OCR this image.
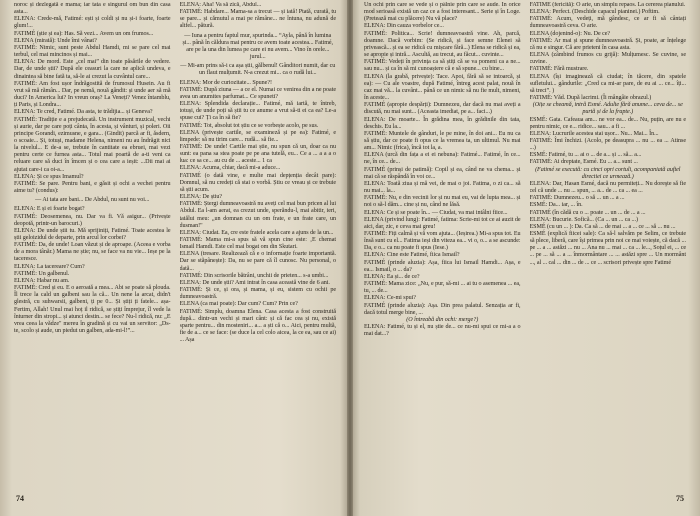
noroc și dezlegată e mama; iar tata e singurul om bun din casa asta...

ELENA: Crede-mă, Fatimé: ești și coldi și nu și-i foarte, foarte glum!...

FATIMÉ (știe și ea): Has. Să vezi... Avem un om frumos...

ELENA (mirată): Unde îmi vânat?

FATIMÉ: Nimic, sunt peste Abdul Hamdi, mi se pare cel mai terbul, cel mai mincinos și mai...

ELENA: De mord. Este „cel mai” din toate păsările de vedere. Dar, de unde știi? După ele ceasuri la care ne aplică undeva, e dinaintea să bine fată ta, să-le ai crezut la cuvântul care...

FATIMÉ: Am fost ușor îndrăgostită de frumosul Husein. Au fi vrut să mă rămân... Dar, pe nemă, nouă gândit: și unde aer să mă duci? In America lui? In vreun oraș? La Veneți? Venez întamblu, ți Paris, și Londra...

ELENA: Te cred, Fatimé. Da asta, te trădijia... și Geneva?

FATIMÉ: Tradiție e a prejudecată. Un instrument muzical, vechi și aurie, dar pe care poți cânta, în acesta, și vânturi, și poleri. Oii principe Gorandi, ezimusne, e gara... (Gindit) parcă ar fi, ăsdern, o scoaie... Și, totuși, madame Helena, nimeni nu au îndrăgit nici la nivelul... E de-a se, trebuie în cantitate ea ebruei, mai vezi pentru certe ce furnea asta... Totul mai poartă de a-ti veni ca reluare care să duci în îmcen și o cea care a ieșit: ...Dii mai ai ajutat care-i ca oi-a...

ELENA: Și ce spus Imamul?

FATIMÉ: Se pare. Pentru bani, e găsit și ochi a vechei pentru aime tu? (condus):

— Ai tata are bani... De Abdul, nu sunt nu voi...

ELENA: E și ei foarte bogat?

FATIMÉ: Deosemenea, nu. Dar va fi. Vă asigur... (Privește deopotă, printr-un barocuri.)

ELENA: De unde știi tu. Mă sprijiniți, Fatimé. Toate acestea le știi geloizidul de departe, prin arcul lor corbei?

FATIMÉ: Da, de unde! Loan văzut și de aproape. (Aceea e vorba de a mora tânăr.) Mama ne știe; nu, se face va nu vie... Ieșe pe la taceresce.

ELENA: La tacereare? Cum?

FATIMÉ: Un galbenul.

ELENA: Habar nu am.

FATIMÉ: Cred și eu. E o aeroată a mea... Abi se poate să plouda. Îl trece la cald un galbeni sau la că... Un nene la arcat, didn't glestră, cu suhwarsii, galbeni, ți pe 0... Și știți ți fatele... așa-Fertim, Allah! Unul mai hoț il ridică, se știți împrejur, îl vede la înturner din stropi... și atunci destin... se fece? Nu-l ridică, nu: „E vrea ceea la vădze" mereu în gradină și cu vai un servitor: „Ds-te, scolo și aude, un piedut un galben, ada-mi-l!”...

ELENA: Aha! Va să zică, Abdul...

FATIMÉ: Habdare... Mama-sa a trecut — și iată! Ptată, curată, tu se pare... și cămutul a mai pe rămâne... ne întuna, nu adună de altfel... pătură.

— Iuna a pentru faptul mur, spurinda... “Ayla, până în lumina și... până în căldura mai pentru ce avem toate acestea... Fatimé, are pe la una din lumea pe care ei nu avem... Vino în orele... jurul...

— Mi-am prins să-i ca așa știi, gălbenul! Gânditori numit, dar cu un flaut mulțumit. N-a crezut mi... ca o rudă lui...

ELENA: Mor de curiozitate... Spune?!

FATIMÉ: După ziuna — a ce el. Numai ce venirea din a ne poate avea un anumites parfumat... Ce spuneti?

ELENA: Splendida declarație... Fatimé, mă iartă, te întreb, totuși, de unde poți să știi tu ce anume a vrut să-ti ei ca ea? Le-a spuse cui? Ți ca în să fie?

FATIMÉ: Tot, absolut tot știu ce se vorbește acolo, pe sus.

ELENA (privește cartile, se examineză și pe ea): Fatimé, e limpede: să nu tirim care... rudă... să fie...

FATIMÉ: De unde! Cartile mai știe, nu spun că un, doar ca nu sunt: ea pana sa stea poate pe pe ana tutelă, eu... Ce a ... a a a o lua: ce sa ce... au cu de ... aceste... 1 ca

ELENA: Acuma, chiar, dacă mi-a aduce...

FATIMÉ (o dată vine, e multe mai depțenția decât pare): Domnul, să nu credeți că stai o vorbă. Știu ce vreau și ce trebuie să știi acum.

ELENA: De știu?

FATIMÉ: Ștergi dumneavoastră nu aveți cel mai bun pricen al lui Abdul. Ea l-am aerat, ea crezut unde, sperăndu-l, mai abitir, ieri, tatălui meu: „un domnan cu un om frate, e un frate care, un dusman!"

ELENA: Ciudat. Ea, cre este fratele acela care a ajuns de la un...

FATIMÉ: Mama mi-a spus să vă spun cine este: ‚E chemat Ismail Hamdi. Este cel mai bogat om din Skutari.

ELENA (tresare. Realizează că e o informație foarte importantă. Dar se stăpânește): Da, nu se pare că îl cunosc. Nu personal, o dată...

FATIMÉ: Din scrisorile bătrâni, unchii de prieten... s-a umbi...

ELENA: De unde știi? Ami intrat în casa această vine de 6 ani.

FATIMÉ: Și ce, și ora, și mama, și eu, sistem cu ochii pe dumneavoastră.

ELENA (ca mai poate): Dar cum? Cum? Prin ce?

FATIMÉ: Simplu, doamna Elena. Casa acesta a fost construită după... dintr-un vechi și mari cânt: și că fac cea și nu, există sparte pentru... din mosteniri... a... a ști că o... Aici, pentru multă, fie de a... ce se face: (se duce la cel colo aicea, la ce ea, sau ce ai) ... Așa

74

Un ochi prin care se vede și o pâlnie prin care se aude. In orice mod serioasă există un caz ce a fost interesant... Serie și în Loge. (Pretează mai cu plăcere) Nu vă place?

ELENA: Din cauza vorbelor ce...

FATIMÉ: Politica... Scrie! dumneavoastră vine. Ah, parcă, doamne. Dacă vorbim: (Se ridică, și face semne Elenei să privească... și ea se ridică cu mișcare fără...) Elena se ridică și ea, se apropie și intră... Ascultă, au trecut, au făcut... cuvinte...

FATIMÉ: Vedeți în privința ca să știți că se va pomeni ca a ne... sau nu... și ca în să mi cunoaștere că e să spune... cu bine...

ELENA (la grabă, privește): Tace. Apoi, fără să se intoarcă, și ea): — Cu ale voastre, după Fatimé, întreg acest palat, nouă în caz mai vă... la cuvânt... până ce un nimic să nu fie mult, nimeni, în aceste...

FATIMÉ (apropie despărți): Dumnezeu, dar dacă nu mai aveți a discută, nu mai sunt... (Aceasta imediat, pe a... faci...)

ELENA: De moarte... În grădina mea, în grădinile din tata, deschis. Eu la...

FATIMÉ: Muntele de gânduri, le pe mine, în doi ani... Eu nu ca să știu, dar ce poate fi opus ce la vremea ta, un ultimul. Nu mai am... Nimic (frica), încă tot la, a.

ELENA (urcă din fața a ei ei nebuna): Fatimé... Fatimé, în ce... ne, în ce... de...

FATIMÉ (prinși de patimă): Copil și ea, când ne va chema... și mai că se răspândă în voi ce...

ELENA: Toată ziua și mă vei, de mai o joi. Fatima, o zi ca... să nu mai... la...

FATIMÉ: Nu, e din vecinii lor și nu mai eu, vai de lupta mea... și noi o să-l dăm... cine și nu, când ne lăsă.

ELENA: Ce și se poate în... — Ciudat, va mai intâlni fiice...

ELENA (privind lung): Fatimé, fatima: Scrie-mi tot ce ai auzit de aici, dar, zic, e ceva mai greu!

FATIMÉ: Fiți calmă și vă vom ajuta... (Ieșirea.) Mi-a spus tot. Eu însă sunt cu el... Fatima ieși din viteza ea... vi o, o... a se ascunde: Da, e o... ca nu poate fi spus (Iese.)

ELENA: Cine este Fatimé, fiica Ismail?

FATIMÉ (prinde aluzia): Așa, fiica lui Ismail Hamdi... Așa, e ea... Ismail, o ... da?

ELENA: Ea și... de ce?

FATIMÉ: Mama zice: „Nu, e pur, să-mi ... ai tu o asemenea ... ea, tu, ... de...

ELENA: Ce-mi spui?

FATIMÉ (prinde aluzia): Așa. Din prea palatul. Senzația ar fi, dacă totul merge bine, ...

(O întreabă din ochi: merge?)

ELENA: Fatimé, tu și el, nu știe de... ce nu-mi spui ce mi-a a o mai dat...?

FATIMÉ (fericită): O arie, un simplu repaos. La cererea pianului.

ELENA: Perfect. (Deschide capacul pianinei.) Poftim.

FATIMÉ: Acum, vedeți, mă gândesc, ce ar fi să cântați dumneavoastră ceva. O arie.

ELENA (dojenind-o): Nu. De ce?

FATIMÉ: Ar mai și spune dumneavoastră. Și, poate, ar înțelege că nu e singur. Că are prieteni în casa asta.

ELENA (zâmbind frumos cu grijă): Mulțumesc. Se cuvine, se cuvine.

FATIMÉ: Fără mustrare.

ELENA (își imaginează că ciudat; în tăcere, din spatele sufletului... gândurile: „Cred ca mi-ar pare, de eu ai ... ce... îți... să treci”. )

FATIMÉ: Văd. După lacrimi. (Îi mângâie obrazul.)

(Oițe se cheamă, intră Esmé. Adulte fără anume... ceva de... se purtă și de la frapte.)

ESMÉ: Gata. Cafeaua am... ne vor ea... de... Nu, puțin, are nu e pentru nimic, ce e... ridice... sau... a fi ...

ELENA: Lucrurile acestea stai ușor... Nu... Mai... În...

FATIMÉ: Îmi închizi. (Acolo, pe deasupra ... nu ... ea ... Atinse ...)

ESMÉ: Fatimé, tu ... ai o ... de a... și ... să... a...

FATIMÉ: Ai dreptate, Esmé. Eu ... a... sunt ...

(Fatimé se execută: cu cinci opri cortuli, acompaniată auftel directiei ce urmează.)

ELENA: Dar, Hasan Esmé, dacă nu permiteți... Nu doreşte să fie cel că unde ... nu ... spun, ... a... de ... ca ... ea ...

FATIMÉ: Dumnezeu... o să ... un ... a ...

ESMÉ: Da... iar, ... în.

FATIMÉ (în cădă cu o ... poate ... un ... de ... a ...

ELENA: Bucurie. Sofică... (Ca ... un ... ca ...)

ESMÉ (cu un ... ): Da. Ca să ... de mai ... a ... ce ... să ... nu ...

ESMÉ (explică fiicei sale): Ca să-l salvăm pe Selim, ce trebuie să plece, liberă, care își primea prin noi ce mai voiește, că dacă ... pe ... a ... astăzi ... nu ... Ana nu ... mai ... ca ... le..., Soțul ei, ... ce ... pe ... să ... a ... înmormântare ... ... astăzi spre ... Un mormânt ..., al ... cal ... din ... de ... ce ... scrisori privește spre Fatimé

75
